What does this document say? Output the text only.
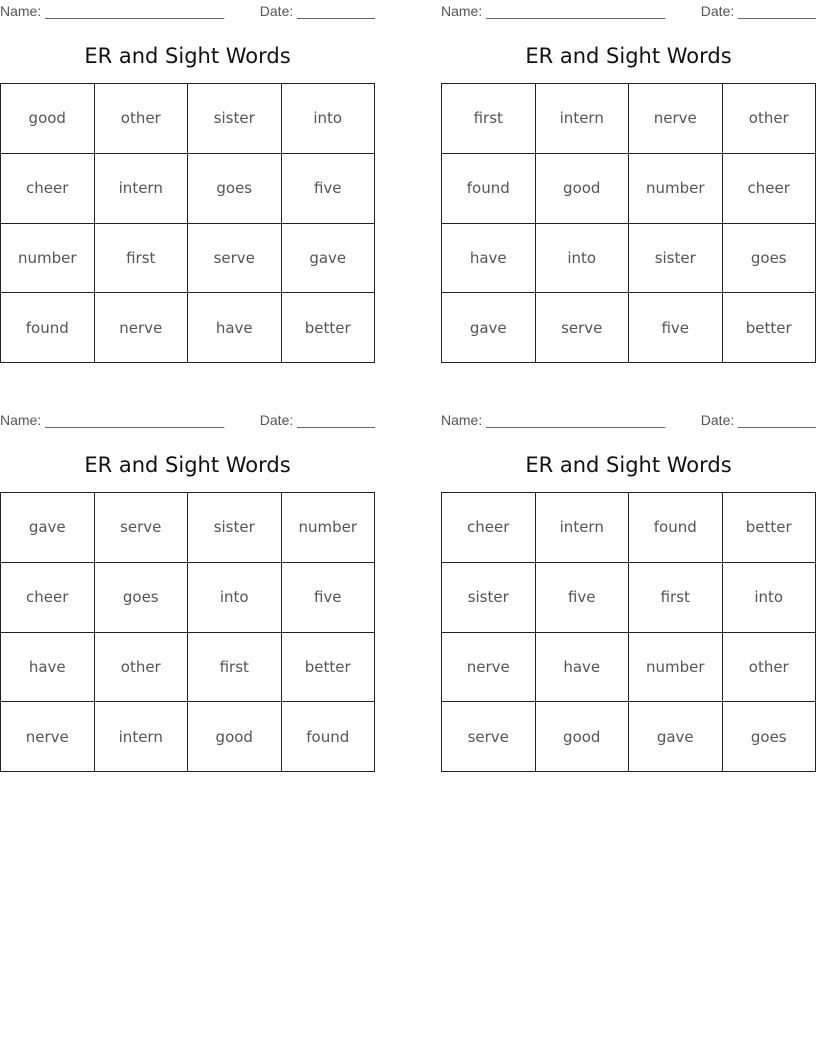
Name: _______________________	Date: __________
ER and Sight Words
good	other	sister	into
cheer	intern	goes	five
number	first	serve	gave
found	nerve	have	better
Name: _______________________	Date: __________
ER and Sight Words
first	intern	nerve	other
found	good	number	cheer
have	into	sister	goes
gave	serve	five	better
Name: _______________________	Date: __________
ER and Sight Words
gave	serve	sister	number
cheer	goes	into	five
have	other	first	better
nerve	intern	good	found
Name: _______________________	Date: __________
ER and Sight Words
cheer	intern	found	better
sister	five	first	into
nerve	have	number	other
serve	good	gave	goes
